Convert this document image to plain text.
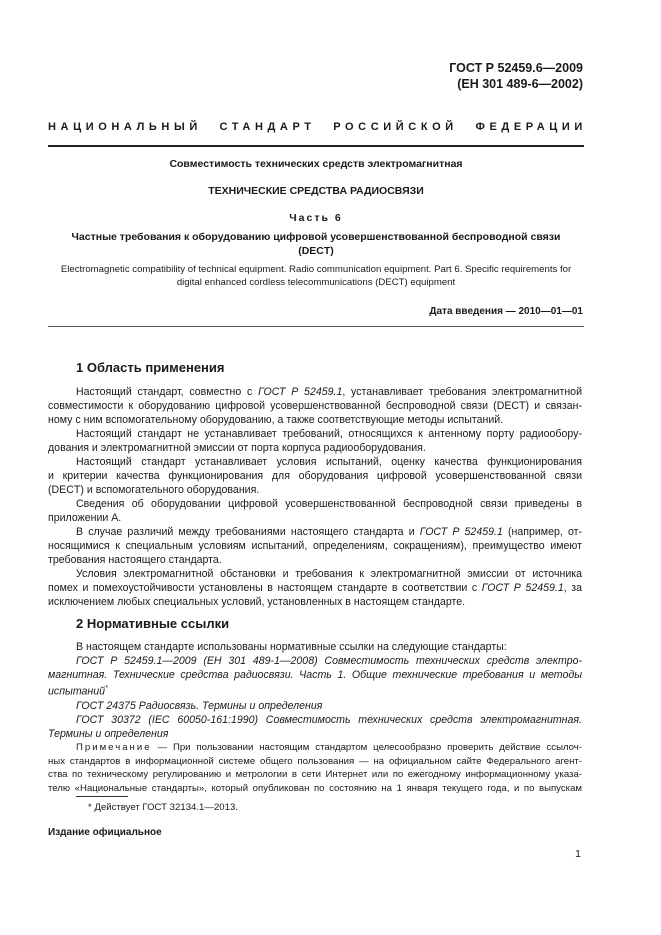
ГОСТ Р 52459.6—2009
(EH 301 489-6—2002)
НАЦИОНАЛЬНЫЙ СТАНДАРТ РОССИЙСКОЙ ФЕДЕРАЦИИ
Совместимость технических средств электромагнитная
ТЕХНИЧЕСКИЕ СРЕДСТВА РАДИОСВЯЗИ
Часть 6
Частные требования к оборудованию цифровой усовершенствованной беспроводной связи
(DECT)
Electromagnetic compatibility of technical equipment. Radio communication equipment. Part 6. Specific requirements for
digital enhanced cordless telecommunications (DECT) equipment
Дата введения — 2010—01—01
1 Область применения
Настоящий стандарт, совместно с ГОСТ Р 52459.1, устанавливает требования электромагнитной
совместимости к оборудованию цифровой усовершенствованной беспроводной связи (DECT) и связан-
ному с ним вспомогательному оборудованию, а также соответствующие методы испытаний.
Настоящий стандарт не устанавливает требований, относящихся к антенному порту радиообору-
дования и электромагнитной эмиссии от порта корпуса радиооборудования.
Настоящий стандарт устанавливает условия испытаний, оценку качества функционирования
и критерии качества функционирования для оборудования цифровой усовершенствованной связи
(DECT) и вспомогательного оборудования.
Сведения об оборудовании цифровой усовершенствованной беспроводной связи приведены в
приложении А.
В случае различий между требованиями настоящего стандарта и ГОСТ Р 52459.1 (например, от-
носящимися к специальным условиям испытаний, определениям, сокращениям), преимущество имеют
требования настоящего стандарта.
Условия электромагнитной обстановки и требования к электромагнитной эмиссии от источника
помех и помехоустойчивости установлены в настоящем стандарте в соответствии с ГОСТ Р 52459.1, за
исключением любых специальных условий, установленных в настоящем стандарте.
2 Нормативные ссылки
В настоящем стандарте использованы нормативные ссылки на следующие стандарты:
ГОСТ Р 52459.1—2009 (ЕН 301 489-1—2008) Совместимость технических средств электро-
магнитная. Технические средства радиосвязи. Часть 1. Общие технические требования и методы
испытаний*
ГОСТ 24375 Радиосвязь. Термины и определения
ГОСТ 30372 (IEC 60050-161:1990) Совместимость технических средств электромагнитная.
Термины и определения
Примечание — При пользовании настоящим стандартом целесообразно проверить действие ссылоч-
ных стандартов в информационной системе общего пользования — на официальном сайте Федерального агент-
ства по техническому регулированию и метрологии в сети Интернет или по ежегодному информационному указа-
телю «Национальные стандарты», который опубликован по состоянию на 1 января текущего года, и по выпускам
* Действует ГОСТ 32134.1—2013.
Издание официальное
1
